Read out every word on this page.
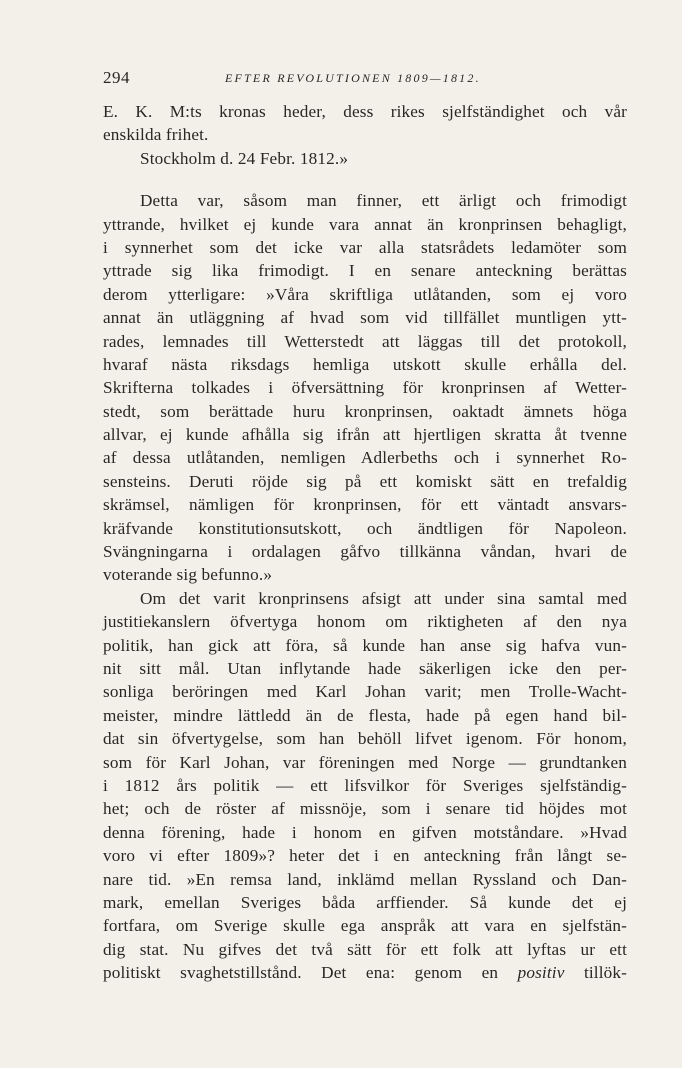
294	EFTER REVOLUTIONEN 1809—1812.
E. K. M:ts kronas heder, dess rikes sjelfständighet och vår
enskilda frihet.
Stockholm d. 24 Febr. 1812.»
Detta var, såsom man finner, ett ärligt och frimodigt
yttrande, hvilket ej kunde vara annat än kronprinsen behagligt,
i synnerhet som det icke var alla statsrådets ledamöter som
yttrade sig lika frimodigt. I en senare anteckning berättas
derom ytterligare: »Våra skriftliga utlåtanden, som ej voro
annat än utläggning af hvad som vid tillfället muntligen ytt-
rades, lemnades till Wetterstedt att läggas till det protokoll,
hvaraf nästa riksdags hemliga utskott skulle erhålla del.
Skrifterna tolkades i öfversättning för kronprinsen af Wetter-
stedt, som berättade huru kronprinsen, oaktadt ämnets höga
allvar, ej kunde afhålla sig ifrån att hjertligen skratta åt tvenne
af dessa utlåtanden, nemligen Adlerbeths och i synnerhet Ro-
sensteins. Deruti röjde sig på ett komiskt sätt en trefaldig
skrämsel, nämligen för kronprinsen, för ett väntadt ansvars-
kräfvande konstitutionsutskott, och ändtligen för Napoleon.
Svängningarna i ordalagen gåfvo tillkänna våndan, hvari de
voterande sig befunno.»
Om det varit kronprinsens afsigt att under sina samtal med
justitiekanslern öfvertyga honom om riktigheten af den nya
politik, han gick att föra, så kunde han anse sig hafva vun-
nit sitt mål. Utan inflytande hade säkerligen icke den per-
sonliga beröringen med Karl Johan varit; men Trolle-Wacht-
meister, mindre lättledd än de flesta, hade på egen hand bil-
dat sin öfvertygelse, som han behöll lifvet igenom. För honom,
som för Karl Johan, var föreningen med Norge — grundtanken
i 1812 års politik — ett lifsvilkor för Sveriges sjelfständig-
het; och de röster af missnöje, som i senare tid höjdes mot
denna förening, hade i honom en gifven motståndare. »Hvad
voro vi efter 1809»? heter det i en anteckning från långt se-
nare tid. »En remsa land, inklämd mellan Ryssland och Dan-
mark, emellan Sveriges båda arffiender. Så kunde det ej
fortfara, om Sverige skulle ega anspråk att vara en sjelfstän-
dig stat. Nu gifves det två sätt för ett folk att lyftas ur ett
politiskt svaghetstillstånd. Det ena: genom en positiv tillök-
